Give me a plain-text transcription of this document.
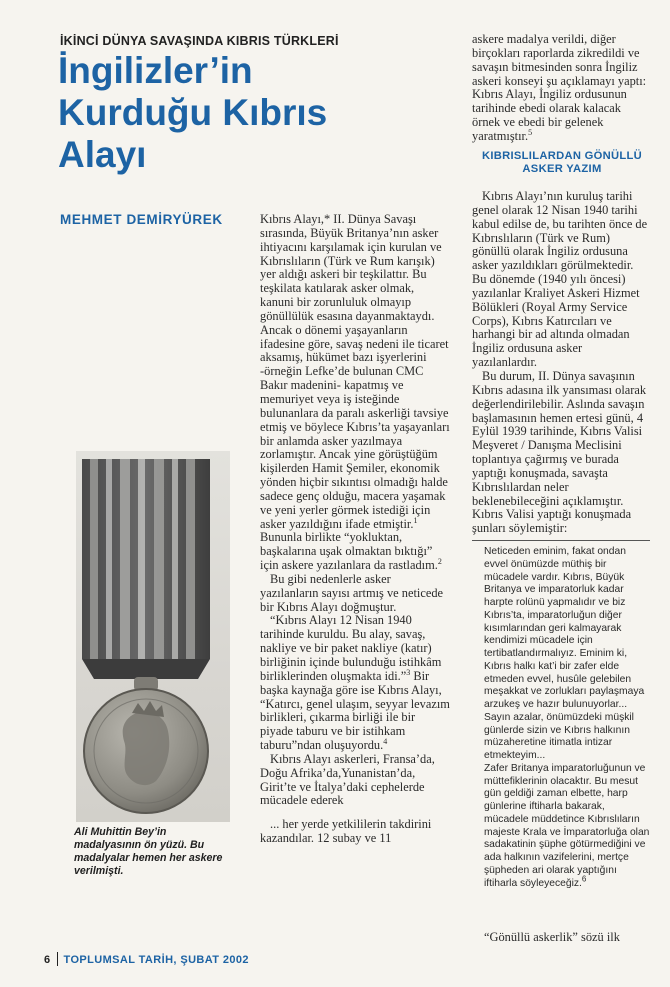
İKİNCİ DÜNYA SAVAŞINDA KIBRIS TÜRKLERİ
İngilizler’in Kurduğu Kıbrıs Alayı
MEHMET DEMİRYÜREK
Ali Muhittin Bey’in madalyasının ön yüzü. Bu madalyalar hemen her askere verilmişti.

Kıbrıs Alayı,* II. Dünya Savaşı sırasında, Büyük Britanya’nın asker ihtiyacını karşılamak için kurulan ve Kıbrıslıların (Türk ve Rum karışık) yer aldığı askeri bir teşkilattır. Bu teşkilata katılarak asker olmak, kanuni bir zorunluluk olmayıp gönüllülük esasına dayanmaktaydı. Ancak o dönemi yaşayanların ifadesine göre, savaş nedeni ile ticaret aksamış, hükümet bazı işyerlerini -örneğin Lefke’de bulunan CMC Bakır madenini- kapatmış ve memuriyet veya iş isteğinde bulunanlara da paralı askerliği tavsiye etmiş ve böylece Kıbrıs’ta yaşayanları bir anlamda asker yazılmaya zorlamıştır. Ancak yine görüştüğüm kişilerden Hamit Şemiler, ekonomik yönden hiçbir sıkıntısı olmadığı halde sadece genç olduğu, macera yaşamak ve yeni yerler görmek istediği için asker yazıldığını ifade etmiştir.$^1$ Bununla birlikte “yokluktan, başkalarına uşak olmaktan bıktığı” için askere yazılanlara da rastladım.$^2$

Bu gibi nedenlerle asker yazılanların sayısı artmış ve neticede bir Kıbrıs Alayı doğmuştur.

“Kıbrıs Alayı 12 Nisan 1940 tarihinde kuruldu. Bu alay, savaş, nakliye ve bir paket nakliye (katır) birliğinin içinde bulunduğu istihkâm birliklerinden oluşmakta idi.”$^3$ Bir başka kaynağa göre ise Kıbrıs Alayı, “Katırcı, genel ulaşım, seyyar levazım birlikleri, çıkarma birliği ile bir piyade taburu ve bir istihkam taburu”ndan oluşuyordu.$^4$

Kıbrıs Alayı askerleri, Fransa’da, Doğu Afrika’da,Yunanistan’da, Girit’te ve İtalya’daki cephelerde mücadele ederek

... her yerde yetkililerin takdirini kazandılar. 12 subay ve 11

askere madalya verildi, diğer birçokları raporlarda zikredildi ve savaşın bitmesinden sonra İngiliz askeri konseyi şu açıklamayı yaptı: Kıbrıs Alayı, İngiliz ordusunun tarihinde ebedi olarak kalacak örnek ve ebedi bir gelenek yaratmıştır.$^5$

KIBRISLILARDAN GÖNÜLLÜ ASKER YAZIM

Kıbrıs Alayı’nın kuruluş tarihi genel olarak 12 Nisan 1940 tarihi kabul edilse de, bu tarihten önce de Kıbrıslıların (Türk ve Rum) gönüllü olarak İngiliz ordusuna asker yazıldıkları görülmektedir. Bu dönemde (1940 yılı öncesi) yazılanlar Kraliyet Askeri Hizmet Bölükleri (Royal Army Service Corps), Kıbrıs Katırcıları ve harhangi bir ad altında olmadan İngiliz ordusuna asker yazılanlardır.

Bu durum, II. Dünya savaşının Kıbrıs adasına ilk yansıması olarak değerlendirilebilir. Aslında savaşın başlamasının hemen ertesi günü, 4 Eylül 1939 tarihinde, Kıbrıs Valisi Meşveret / Danışma Meclisini toplantıya çağırmış ve burada yaptığı konuşmada, savaşta Kıbrıslılardan neler beklenebileceğini açıklamıştır. Kıbrıs Valisi yaptığı konuşmada şunları söylemiştir:

Neticeden eminim, fakat ondan evvel önümüzde müthiş bir mücadele vardır. Kıbrıs, Büyük Britanya ve imparatorluk kadar harpte rolünü yapmalıdır ve biz Kıbrıs’ta, imparatorluğun diğer kısımlarından geri kalmayarak kendimizi mücadele için tertibatlandırmalıyız. Eminim ki, Kıbrıs halkı kat’i bir zafer elde etmeden evvel, husûle gelebilen meşakkat ve zorlukları paylaşmaya arzukeş ve hazır bulunuyorlar...

Sayın azalar, önümüzdeki müşkil günlerde sizin ve Kıbrıs halkının müzaheretine itimatla intizar etmekteyim...

Zafer Britanya imparatorluğunun ve müttefiklerinin olacaktır. Bu mesut gün geldiği zaman elbette, harp günlerine iftiharla bakarak, mücadele müddetince Kıbrıslıların majeste Krala ve İmparatorluğa olan sadakatinin şüphe götürmediğini ve ada halkının vazifelerini, mertçe şüpheden ari olarak yaptığını iftiharla söyleyeceğiz.$^6$

“Gönüllü askerlik” sözü ilk

6 TOPLUMSAL TARİH, ŞUBAT 2002
